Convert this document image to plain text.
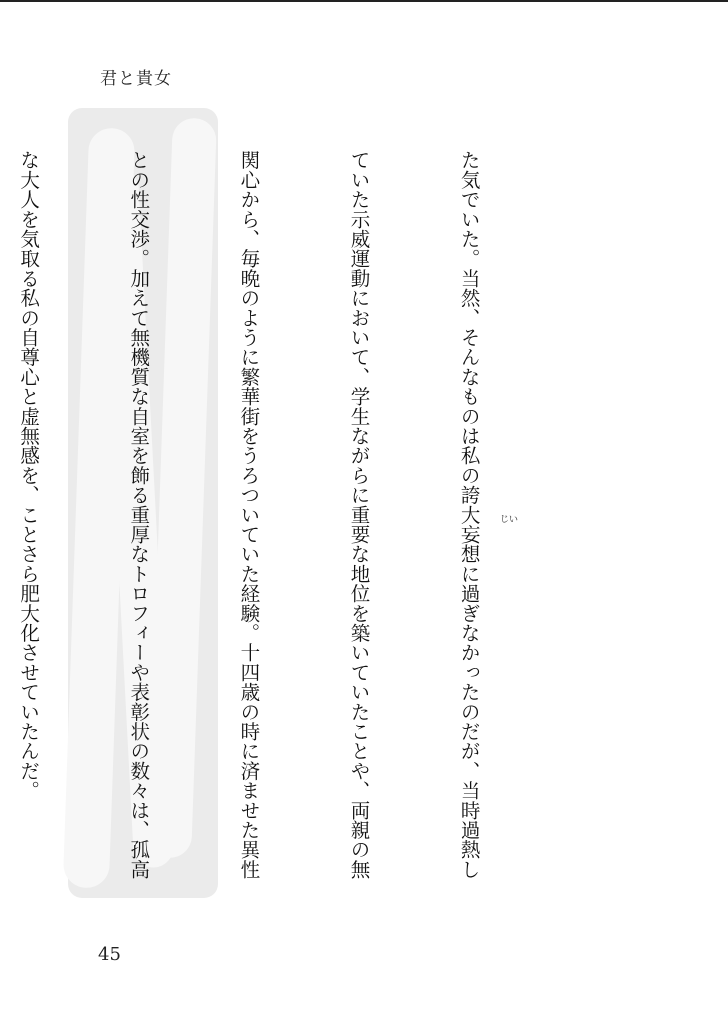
君と貴女

た気でいた。当然、そんなものは私の誇大妄想に過ぎなかったのだが、当時過熱し

ていた示威運動において、学生ながらに重要な地位を築いていたことや、両親の無

関心から、毎晩のように繁華街をうろついていた経験。十四歳の時に済ませた異性

との性交渉。加えて無機質な自室を飾る重厚なトロフィーや表彰状の数々は、孤高

な大人を気取る私の自尊心と虚無感を、ことさら肥大化させていたんだ。

	じい
45
